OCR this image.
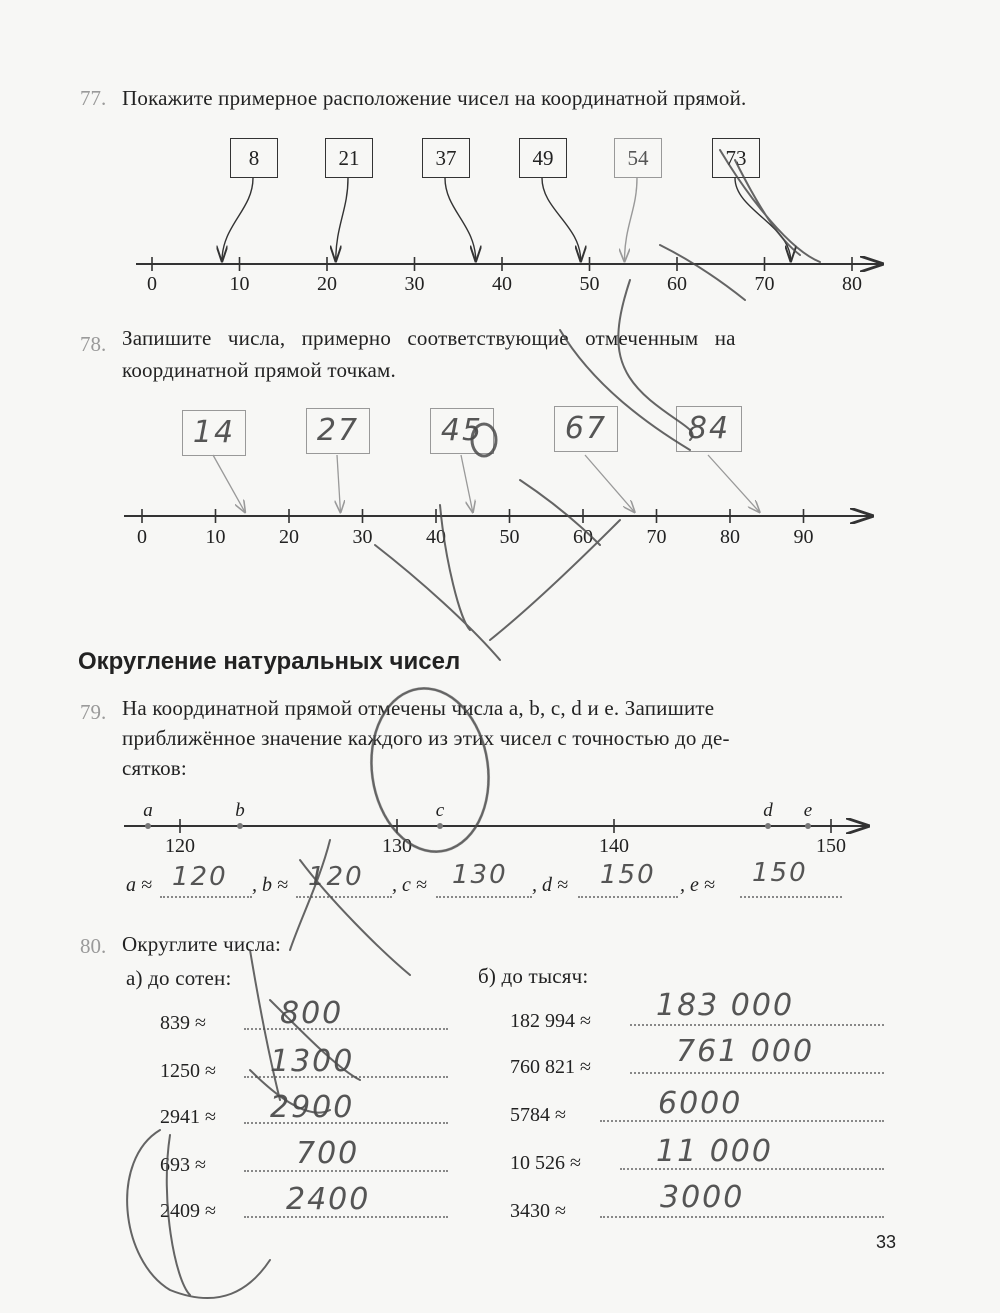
77. Покажите примерное расположение чисел на координатной прямой.
0	10	20	30	40	50	60	70	80
8	21	37	49	54	73
78. Запишите   числа,   примерно   соответствующие   отмеченным   на
координатной прямой точкам.
14	27	45	67	84
0	10	20	30	40	50	60	70	80	90
Округление натуральных чисел
79. На координатной прямой отмечены числа a, b, c, d и e. Запишите
приближённое значение каждого из этих чисел с точностью до де-
сятков:
120	130	140	150
a	b	c	d e
a ≈ 120 , b ≈ 120 , c ≈ 130 , d ≈ 150 , e ≈ 150
80. Округлите числа:
а) до сотен:	б) до тысяч:
839 ≈ 800
1250 ≈ 1300
2941 ≈ 2900
693 ≈	700
2409 ≈ 2400
182 994 ≈ 183 000
760 821 ≈	761 000
5784 ≈	6000
10 526 ≈	11 000
3430 ≈	3000
33
